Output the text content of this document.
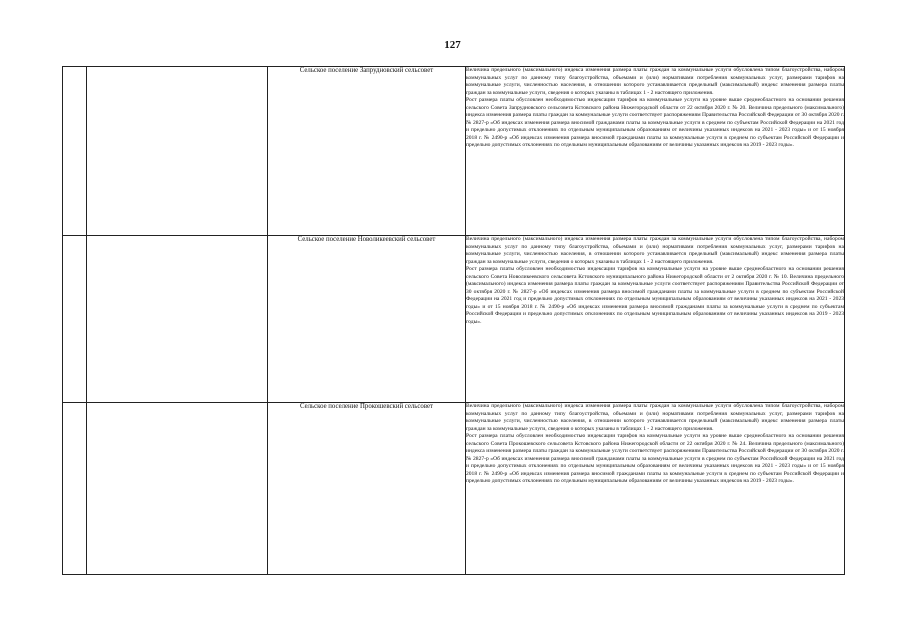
127
		Сельское поселение Запрудновский сельсовет	Величина предельного (максимального) индекса изменения размера платы граждан за коммунальные услуги обусловлена типом благоустройства, набором коммунальных услуг по данному типу благоустройства, объемами и (или) нормативами потребления коммунальных услуг, размерами тарифов на коммунальные услуги, численностью населения, в отношении которого устанавливается предельный (максимальный) индекс изменения размера платы граждан за коммунальные услуги, сведения о которых указаны в таблицах 1 - 2 настоящего приложения.

Рост размера платы обусловлен необходимостью индексации тарифов на коммунальные услуги на уровне выше среднеобластного на основании решения сельского Совета Запрудновского сельсовета Кстовского района Нижегородской области от 22 октября 2020 г. № 20. Величина предельного (максимального) индекса изменения размера платы граждан за коммунальные услуги соответствует распоряжениям Правительства Российской Федерации от 30 октября 2020 г. № 2827-р «Об индексах изменения размера вносимой гражданами платы за коммунальные услуги в среднем по субъектам Российской Федерации на 2021 год и предельно допустимых отклонениях по отдельным муниципальным образованиям от величины указанных индексов на 2021 - 2023 годы» и от 15 ноября 2018 г. № 2490-р «Об индексах изменения размера вносимой гражданами платы за коммунальные услуги в среднем по субъектам Российской Федерации и предельно допустимых отклонениях по отдельным муниципальным образованиям от величины указанных индексов на 2019 - 2023 годы».

		Сельское поселение Новоликеевский сельсовет	Величина предельного (максимального) индекса изменения размера платы граждан за коммунальные услуги обусловлена типом благоустройства, набором коммунальных услуг по данному типу благоустройства, объемами и (или) нормативами потребления коммунальных услуг, размерами тарифов на коммунальные услуги, численностью населения, в отношении которого устанавливается предельный (максимальный) индекс изменения размера платы граждан за коммунальные услуги, сведения о которых указаны в таблицах 1 - 2 настоящего приложения.

Рост размера платы обусловлен необходимостью индексации тарифов на коммунальные услуги на уровне выше среднеобластного на основании решения сельского Совета Новоликеевского сельсовета Кстовского муниципального района Нижегородской области от 2 октября 2020 г. № 10. Величина предельного (максимального) индекса изменения размера платы граждан за коммунальные услуги соответствует распоряжениям Правительства Российской Федерации от 30 октября 2020 г. № 2827-р «Об индексах изменения размера вносимой гражданами платы за коммунальные услуги в среднем по субъектам Российской Федерации на 2021 год и предельно допустимых отклонениях по отдельным муниципальным образованиям от величины указанных индексов на 2021 - 2023 годы» и от 15 ноября 2018 г. № 2490-р «Об индексах изменения размера вносимой гражданами платы за коммунальные услуги в среднем по субъектам Российской Федерации и предельно допустимых отклонениях по отдельным муниципальным образованиям от величины указанных индексов на 2019 - 2023 годы».

		Сельское поселение Прокошевский сельсовет	Величина предельного (максимального) индекса изменения размера платы граждан за коммунальные услуги обусловлена типом благоустройства, набором коммунальных услуг по данному типу благоустройства, объемами и (или) нормативами потребления коммунальных услуг, размерами тарифов на коммунальные услуги, численностью населения, в отношении которого устанавливается предельный (максимальный) индекс изменения размера платы граждан за коммунальные услуги, сведения о которых указаны в таблицах 1 - 2 настоящего приложения.

Рост размера платы обусловлен необходимостью индексации тарифов на коммунальные услуги на уровне выше среднеобластного на основании решения сельского Совета Прокошевского сельсовета Кстовского района Нижегородской области от 22 октября 2020 г. № 24. Величина предельного (максимального) индекса изменения размера платы граждан за коммунальные услуги соответствует распоряжениям Правительства Российской Федерации от 30 октября 2020 г. № 2827-р «Об индексах изменения размера вносимой гражданами платы за коммунальные услуги в среднем по субъектам Российской Федерации на 2021 год и предельно допустимых отклонениях по отдельным муниципальным образованиям от величины указанных индексов на 2021 - 2023 годы» и от 15 ноября 2018 г. № 2490-р «Об индексах изменения размера вносимой гражданами платы за коммунальные услуги в среднем по субъектам Российской Федерации и предельно допустимых отклонениях по отдельным муниципальным образованиям от величины указанных индексов на 2019 - 2023 годы».
